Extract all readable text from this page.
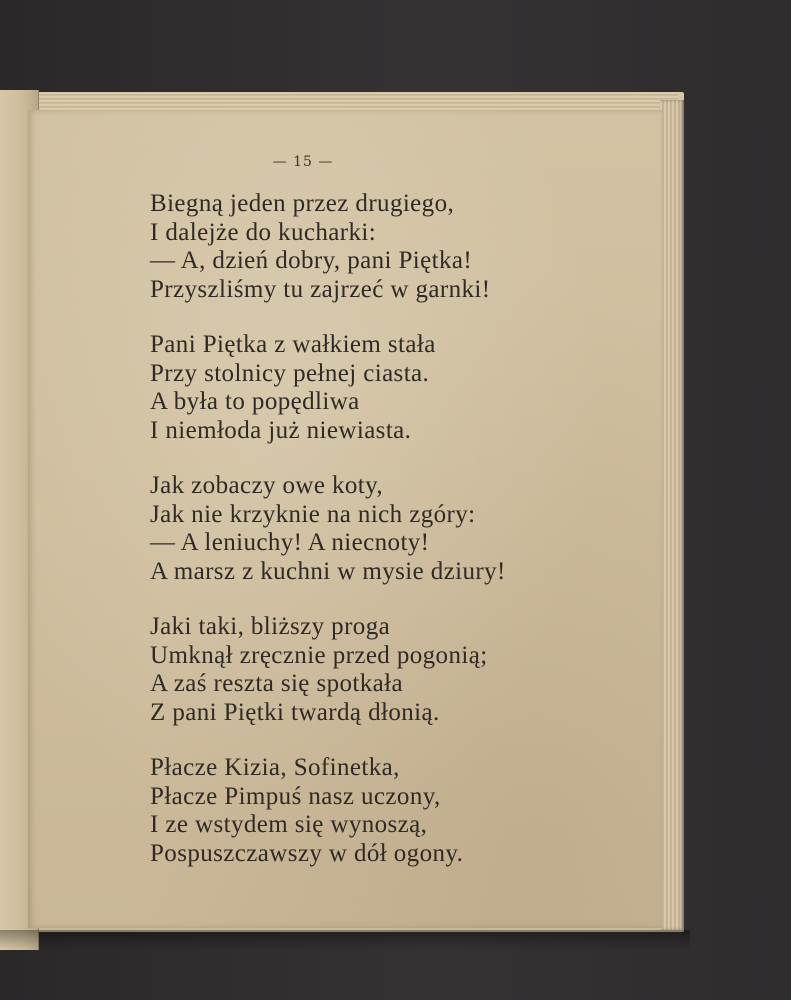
— 15 —
Biegną jeden przez drugiego,
I dalejże do kucharki:
— A, dzień dobry, pani Piętka!
Przyszliśmy tu zajrzeć w garnki!
Pani Piętka z wałkiem stała
Przy stolnicy pełnej ciasta.
A była to popędliwa
I niemłoda już niewiasta.
Jak zobaczy owe koty,
Jak nie krzyknie na nich zgóry:
— A leniuchy! A niecnoty!
A marsz z kuchni w mysie dziury!
Jaki taki, bliższy proga
Umknął zręcznie przed pogonią;
A zaś reszta się spotkała
Z pani Piętki twardą dłonią.
Płacze Kizia, Sofinetka,
Płacze Pimpuś nasz uczony,
I ze wstydem się wynoszą,
Pospuszczawszy w dół ogony.
